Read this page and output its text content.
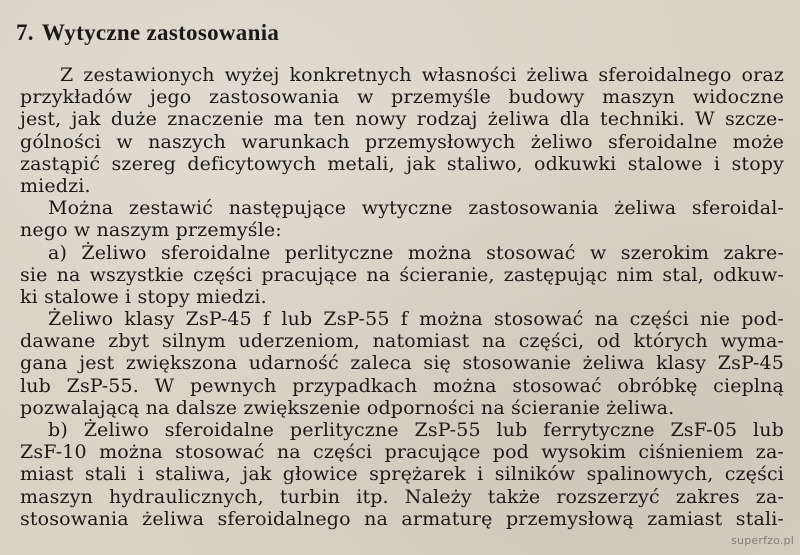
7. Wytyczne zastosowania
Z zestawionych wyżej konkretnych własności żeliwa sferoidalnego oraz
przykładów jego zastosowania w przemyśle budowy maszyn widoczne
jest, jak duże znaczenie ma ten nowy rodzaj żeliwa dla techniki. W szcze-
gólności w naszych warunkach przemysłowych żeliwo sferoidalne może
zastąpić szereg deficytowych metali, jak staliwo, odkuwki stalowe i stopy
miedzi.
Można zestawić następujące wytyczne zastosowania żeliwa sferoidal-
nego w naszym przemyśle:
a) Żeliwo sferoidalne perlityczne można stosować w szerokim zakre-
sie na wszystkie części pracujące na ścieranie, zastępując nim stal, odkuw-
ki stalowe i stopy miedzi.
Żeliwo klasy ZsP-45 f lub ZsP-55 f można stosować na części nie pod-
dawane zbyt silnym uderzeniom, natomiast na części, od których wyma-
gana jest zwiększona udarność zaleca się stosowanie żeliwa klasy ZsP-45
lub ZsP-55. W pewnych przypadkach można stosować obróbkę cieplną
pozwalającą na dalsze zwiększenie odporności na ścieranie żeliwa.
b) Żeliwo sferoidalne perlityczne ZsP-55 lub ferrytyczne ZsF-05 lub
ZsF-10 można stosować na części pracujące pod wysokim ciśnieniem za-
miast stali i staliwa, jak głowice sprężarek i silników spalinowych, części
maszyn hydraulicznych, turbin itp. Należy także rozszerzyć zakres za-
stosowania żeliwa sferoidalnego na armaturę przemysłową zamiast stali-
superfzo.pl
